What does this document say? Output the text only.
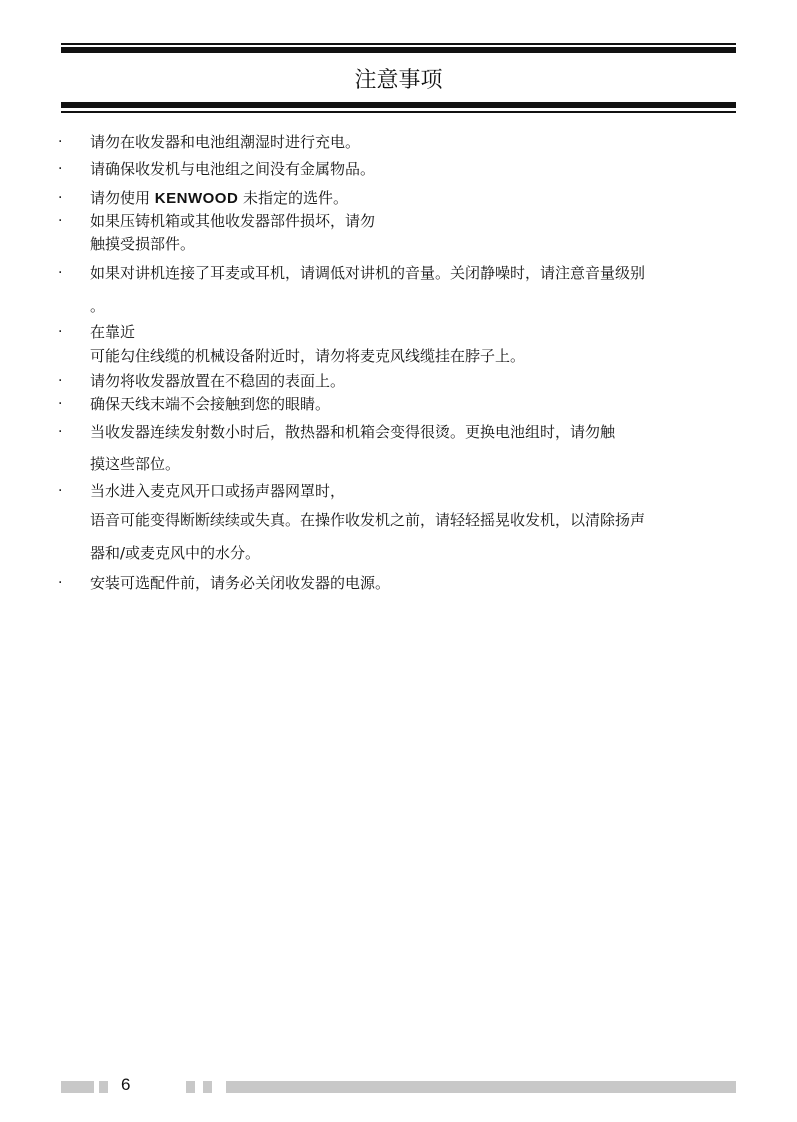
注意事项
· 请勿在收发器和电池组潮湿时进行充电。
· 请确保收发机与电池组之间没有金属物品。
· 请勿使用 KENWOOD 未指定的选件。
· 如果压铸机箱或其他收发器部件损坏，请勿
触摸受损部件。
· 如果对讲机连接了耳麦或耳机，请调低对讲机的音量。关闭静噪时，请注意音量级别
。
· 在靠近
可能勾住线缆的机械设备附近时，请勿将麦克风线缆挂在脖子上。
· 请勿将收发器放置在不稳固的表面上。
· 确保天线末端不会接触到您的眼睛。
· 当收发器连续发射数小时后，散热器和机箱会变得很烫。更换电池组时，请勿触
摸这些部位。
· 当水进入麦克风开口或扬声器网罩时，
语音可能变得断断续续或失真。在操作收发机之前，请轻轻摇晃收发机，以清除扬声
器和/或麦克风中的水分。
· 安装可选配件前，请务必关闭收发器的电源。
6
